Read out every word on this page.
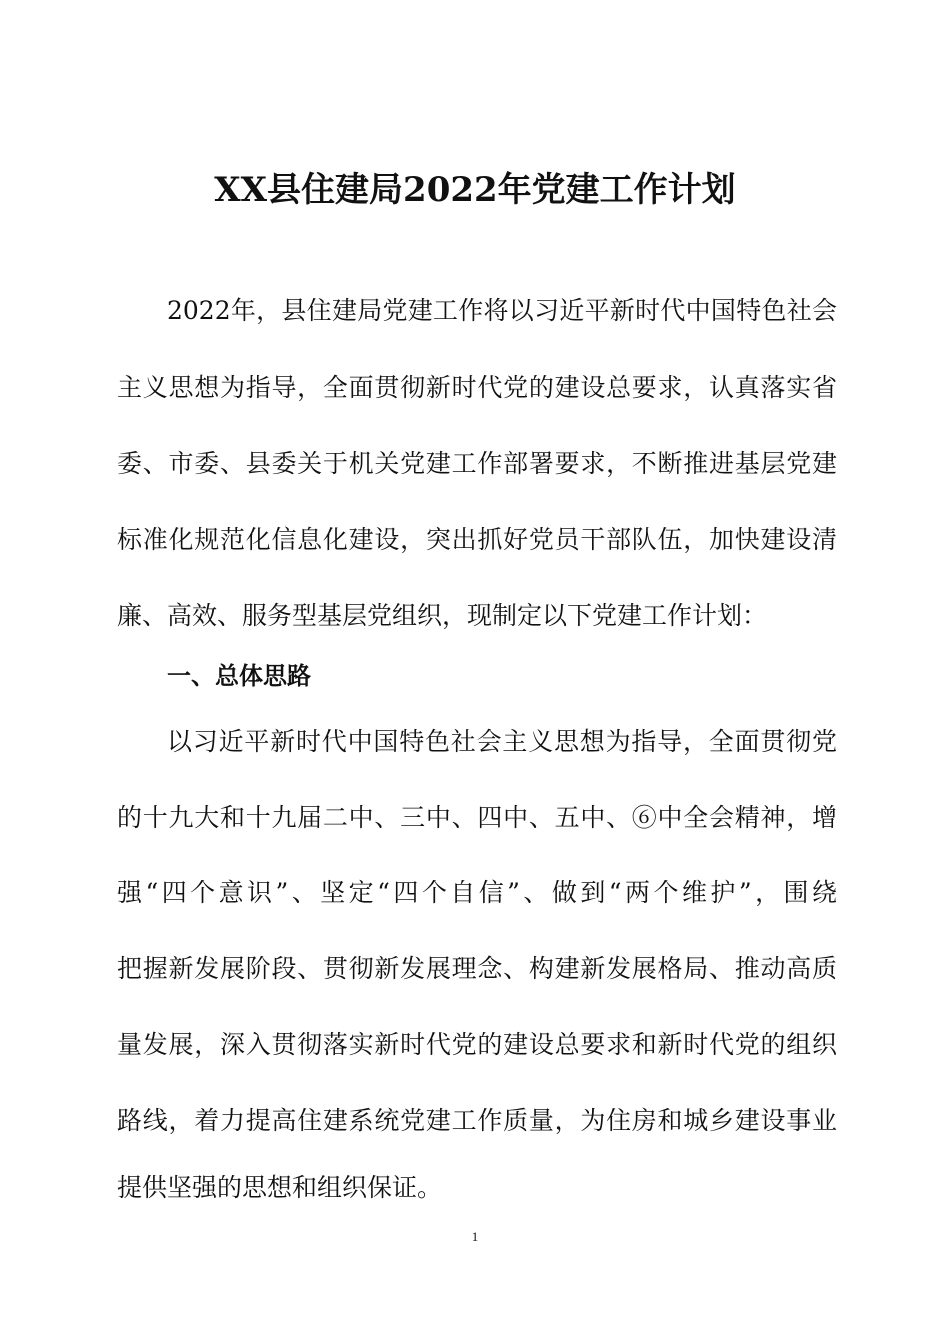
XX县住建局2022年党建工作计划
2022年，县住建局党建工作将以习近平新时代中国特色社会
主义思想为指导，全面贯彻新时代党的建设总要求，认真落实省
委、市委、县委关于机关党建工作部署要求，不断推进基层党建
标准化规范化信息化建设，突出抓好党员干部队伍，加快建设清
廉、高效、服务型基层党组织，现制定以下党建工作计划：
一、总体思路
以习近平新时代中国特色社会主义思想为指导，全面贯彻党
的十九大和十九届二中、三中、四中、五中、⑥中全会精神，增
强“四个意识”、坚定“四个自信”、做到“两个维护”，围绕
把握新发展阶段、贯彻新发展理念、构建新发展格局、推动高质
量发展，深入贯彻落实新时代党的建设总要求和新时代党的组织
路线，着力提高住建系统党建工作质量，为住房和城乡建设事业
提供坚强的思想和组织保证。
1
